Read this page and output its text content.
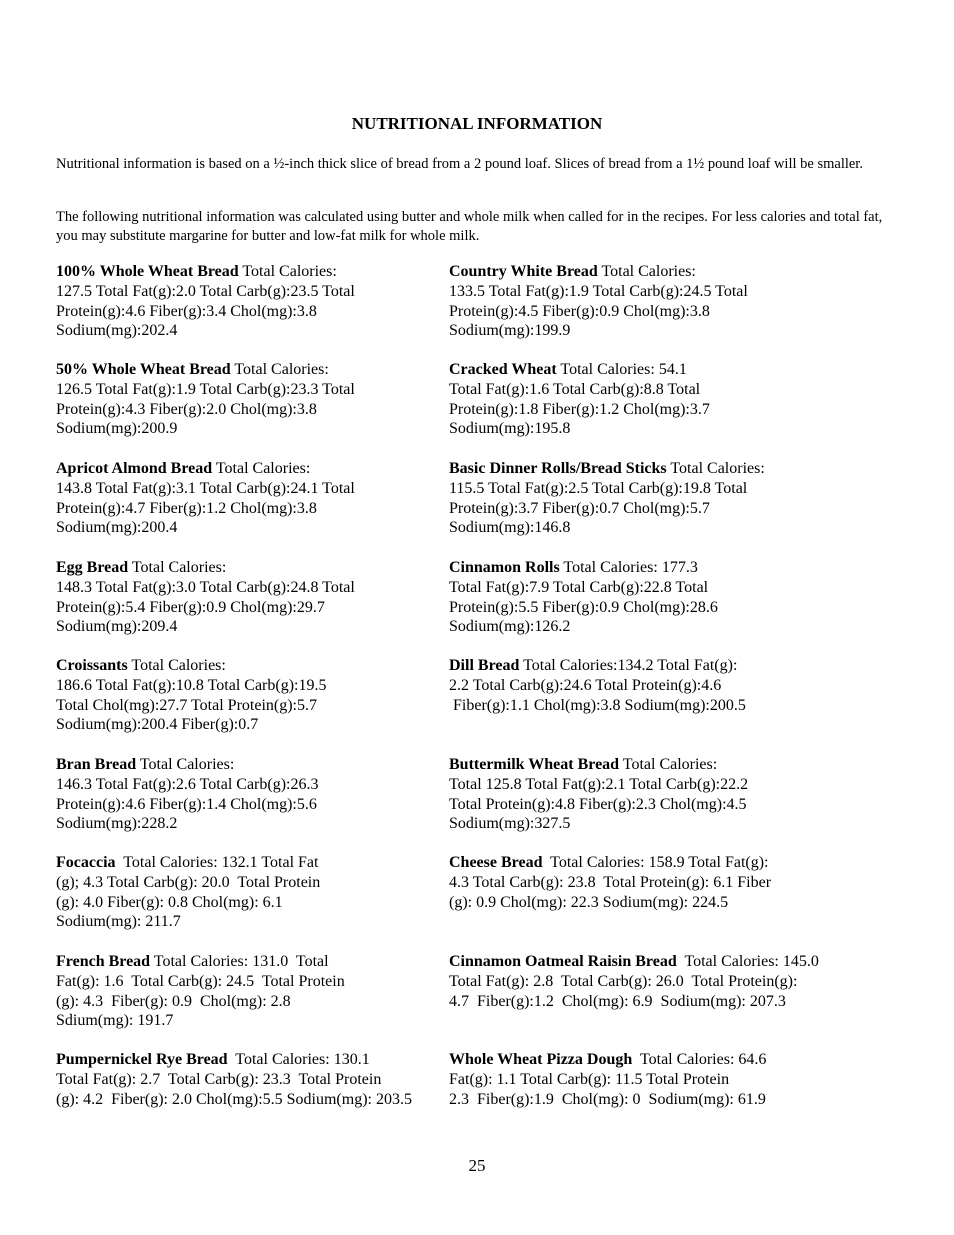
NUTRITIONAL INFORMATION
Nutritional information is based on a ½-inch thick slice of bread from a 2 pound loaf. Slices of bread from a 1½ pound loaf will be smaller.
The following nutritional information was calculated using butter and whole milk when called for in the recipes. For less calories and total fat, you may substitute margarine for butter and low-fat milk for whole milk.
100% Whole Wheat Bread Total Calories:
127.5 Total Fat(g):2.0 Total Carb(g):23.5 Total
Protein(g):4.6 Fiber(g):3.4 Chol(mg):3.8
Sodium(mg):202.4
Country White Bread Total Calories:
133.5 Total Fat(g):1.9 Total Carb(g):24.5 Total
Protein(g):4.5 Fiber(g):0.9 Chol(mg):3.8
Sodium(mg):199.9
50% Whole Wheat Bread Total Calories:
126.5 Total Fat(g):1.9 Total Carb(g):23.3 Total
Protein(g):4.3 Fiber(g):2.0 Chol(mg):3.8
Sodium(mg):200.9
Cracked Wheat Total Calories: 54.1
Total Fat(g):1.6 Total Carb(g):8.8 Total
Protein(g):1.8 Fiber(g):1.2 Chol(mg):3.7
Sodium(mg):195.8
Apricot Almond Bread Total Calories:
143.8 Total Fat(g):3.1 Total Carb(g):24.1 Total
Protein(g):4.7 Fiber(g):1.2 Chol(mg):3.8
Sodium(mg):200.4
Basic Dinner Rolls/Bread Sticks Total Calories:
115.5 Total Fat(g):2.5 Total Carb(g):19.8 Total
Protein(g):3.7 Fiber(g):0.7 Chol(mg):5.7
Sodium(mg):146.8
Egg Bread Total Calories:
148.3 Total Fat(g):3.0 Total Carb(g):24.8 Total
Protein(g):5.4 Fiber(g):0.9 Chol(mg):29.7
Sodium(mg):209.4
Cinnamon Rolls Total Calories: 177.3
Total Fat(g):7.9 Total Carb(g):22.8 Total
Protein(g):5.5 Fiber(g):0.9 Chol(mg):28.6
Sodium(mg):126.2
Croissants Total Calories:
186.6 Total Fat(g):10.8 Total Carb(g):19.5
Total Chol(mg):27.7 Total Protein(g):5.7
Sodium(mg):200.4 Fiber(g):0.7
Dill Bread Total Calories:134.2 Total Fat(g):
2.2 Total Carb(g):24.6 Total Protein(g):4.6
Fiber(g):1.1 Chol(mg):3.8 Sodium(mg):200.5
Bran Bread Total Calories:
146.3 Total Fat(g):2.6 Total Carb(g):26.3
Protein(g):4.6 Fiber(g):1.4 Chol(mg):5.6
Sodium(mg):228.2
Buttermilk Wheat Bread Total Calories:
Total 125.8 Total Fat(g):2.1 Total Carb(g):22.2
Total Protein(g):4.8 Fiber(g):2.3 Chol(mg):4.5
Sodium(mg):327.5
Focaccia  Total Calories: 132.1 Total Fat
(g); 4.3 Total Carb(g): 20.0  Total Protein
(g): 4.0 Fiber(g): 0.8 Chol(mg): 6.1
Sodium(mg): 211.7
Cheese Bread  Total Calories: 158.9 Total Fat(g):
4.3 Total Carb(g): 23.8  Total Protein(g): 6.1 Fiber
(g): 0.9 Chol(mg): 22.3 Sodium(mg): 224.5
French Bread Total Calories: 131.0  Total
Fat(g): 1.6  Total Carb(g): 24.5  Total Protein
(g): 4.3  Fiber(g): 0.9  Chol(mg): 2.8
Sdium(mg): 191.7
Cinnamon Oatmeal Raisin Bread  Total Calories: 145.0
Total Fat(g): 2.8  Total Carb(g): 26.0  Total Protein(g):
4.7  Fiber(g):1.2  Chol(mg): 6.9  Sodium(mg): 207.3
Pumpernickel Rye Bread  Total Calories: 130.1
Total Fat(g): 2.7  Total Carb(g): 23.3  Total Protein
(g): 4.2  Fiber(g): 2.0 Chol(mg):5.5 Sodium(mg): 203.5
Whole Wheat Pizza Dough  Total Calories: 64.6
Fat(g): 1.1 Total Carb(g): 11.5 Total Protein
2.3  Fiber(g):1.9  Chol(mg): 0  Sodium(mg): 61.9
25
